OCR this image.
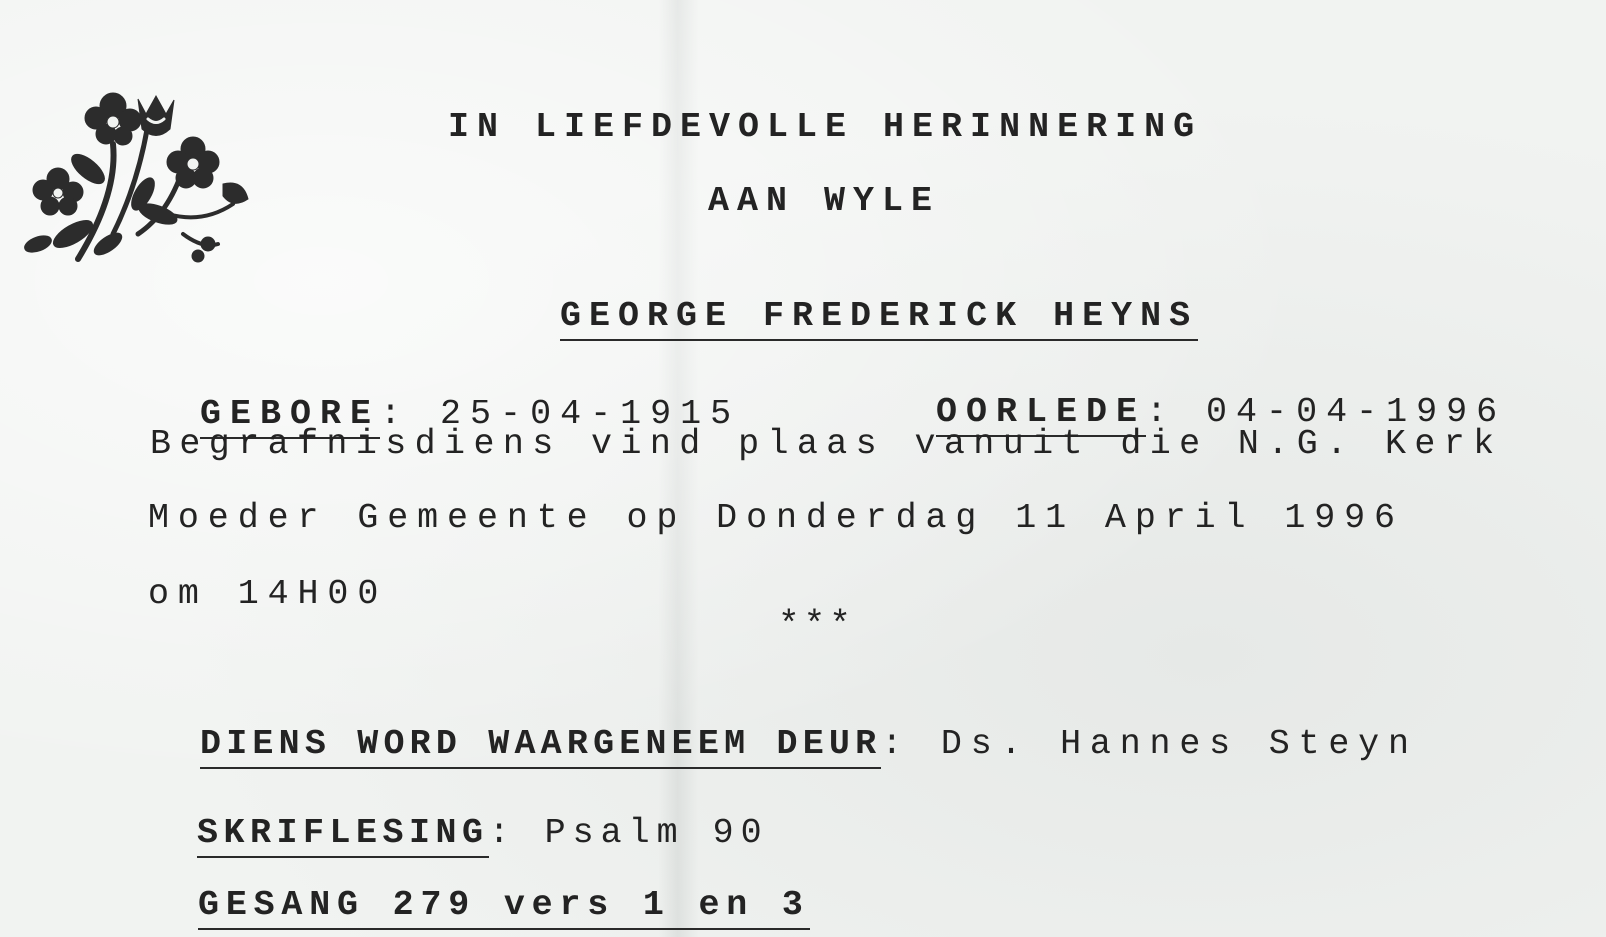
IN LIEFDEVOLLE HERINNERING
AAN WYLE

GEORGE FREDERICK HEYNS

GEBORE: 25-04-1915	OORLEDE: 04-04-1996

Begrafnisdiens vind plaas vanuit die N.G. Kerk
Moeder Gemeente op Donderdag 11 April 1996
om 14H00
***

DIENS WORD WAARGENEEM DEUR: Ds. Hannes Steyn

SKRIFLESING: Psalm 90

GESANG 279 vers 1 en 3
